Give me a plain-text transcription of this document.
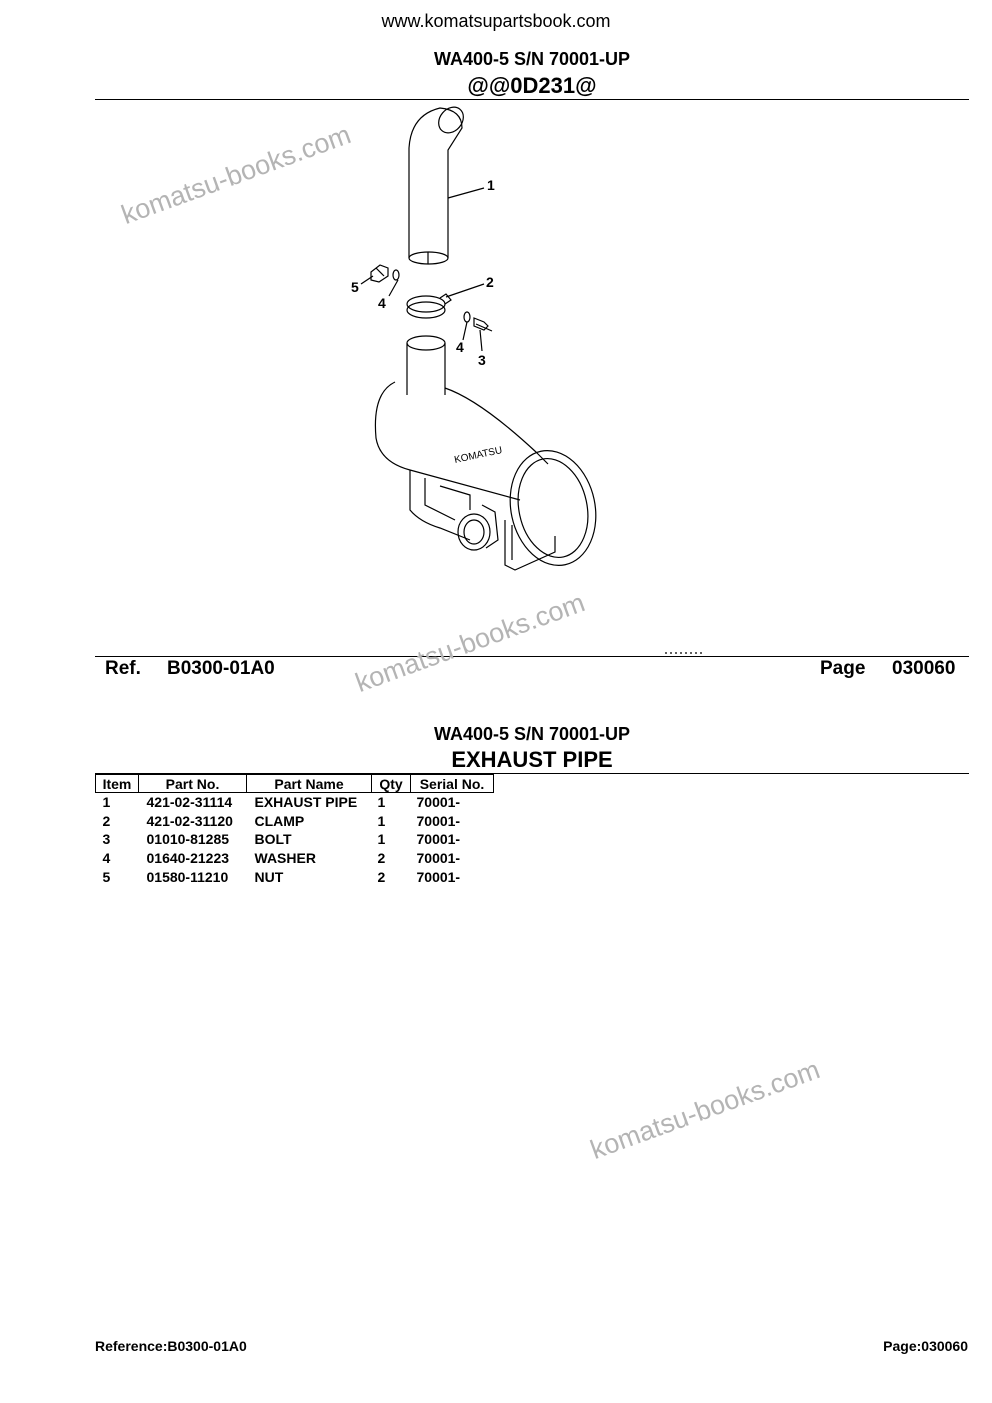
www.komatsupartsbook.com
WA400-5 S/N 70001-UP
@@0D231@
KOMATSU
1
2
3
4
4
5
Ref. B0300-01A0	Page 030060
WA400-5 S/N 70001-UP
EXHAUST PIPE
Item	Part No.	Part Name	Qty	Serial No.
1	421-02-31114	EXHAUST PIPE	1	70001-
2	421-02-31120	CLAMP	1	70001-
3	01010-81285	BOLT	1	70001-
4	01640-21223	WASHER	2	70001-
5	01580-11210	NUT	2	70001-
komatsu-books.com
komatsu-books.com
komatsu-books.com
Reference:B0300-01A0	Page:030060
